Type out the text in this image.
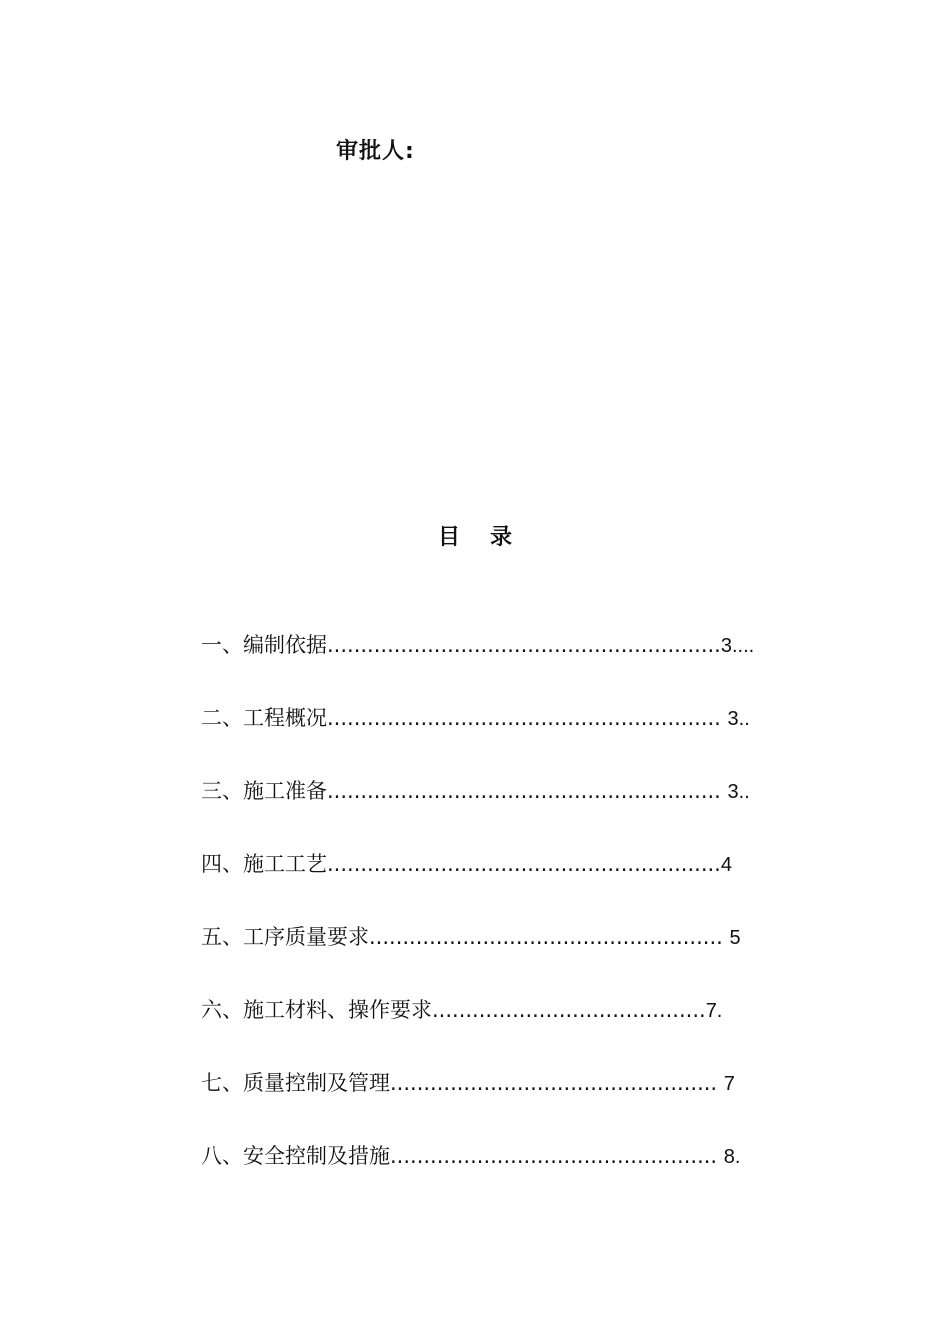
审批人:
目 录
一、编制依据...........................................................3....
二、工程概况........................................................... 3..
三、施工准备........................................................... 3..
四、施工工艺...........................................................4
五、工序质量要求..................................................... 5
六、施工材料、操作要求.........................................7.
七、质量控制及管理................................................. 7
八、安全控制及措施................................................. 8.
